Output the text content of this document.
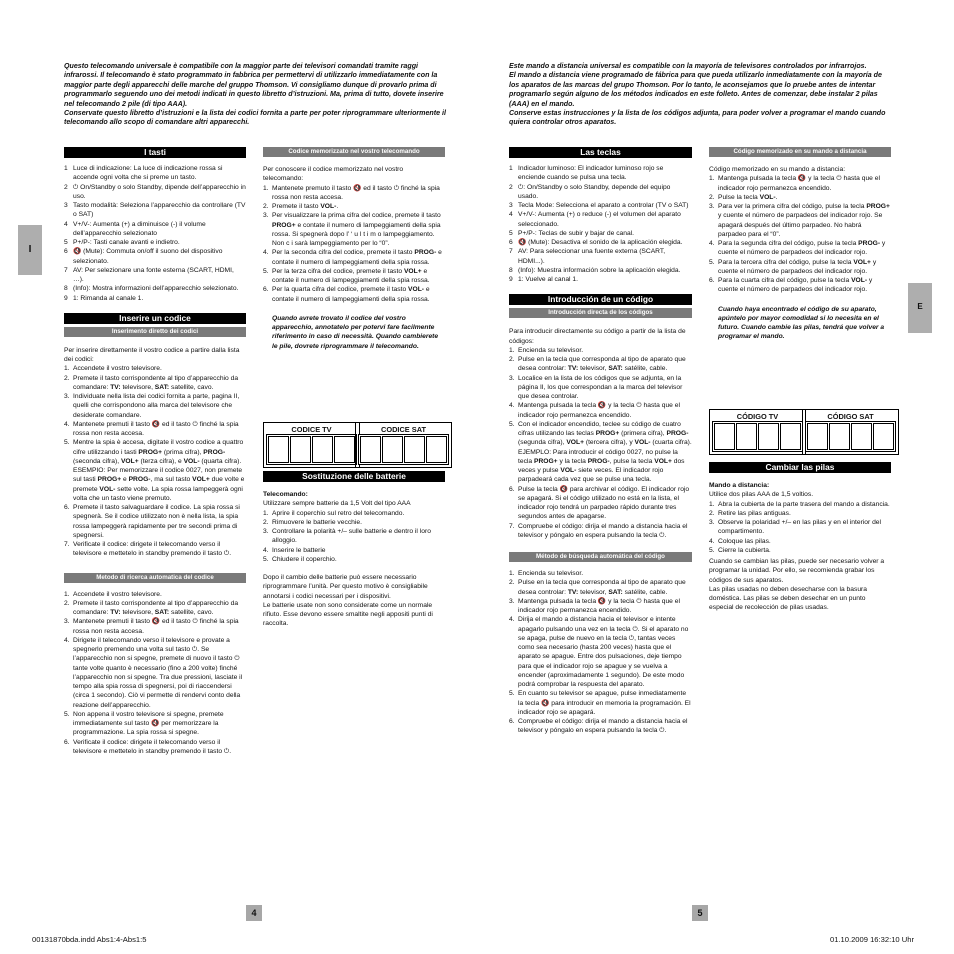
Questo telecomando universale è compatibile con la maggior parte dei televisori comandati tramite raggi infrarossi. Il telecomando è stato programmato in fabbrica per permettervi di utilizzarlo immediatamente con la maggior parte degli apparecchi delle marche del gruppo Thomson. Vi consigliamo dunque di provarlo prima di programmarlo seguendo uno dei metodi indicati in questo libretto d’istruzioni. Ma, prima di tutto, dovete inserire nel telecomando 2 pile (di tipo AAA).
Conservate questo libretto d’istruzioni e la lista dei codici fornita a parte per poter riprogrammare ulteriormente il telecomando allo scopo di comandare altri apparecchi.
I
I tasti
1 Luce di indicazione: La luce di indicazione rossa si accende ogni volta che si preme un tasto.
2 ⏻ On/Standby o solo Standby, dipende dell’apparecchio in uso.
3 Tasto modalità: Seleziona l’apparecchio da controllare (TV o SAT)
4 V+/V-: Aumenta (+) a diminuisce (-) il volume dell’apparecchio selezionato
5 P+/P-: Tasti canale avanti e indietro.
6 🔇 (Mute): Commuta on/off il suono del dispositivo selezionato.
7 AV: Per selezionare una fonte esterna (SCART, HDMI, …).
8 (Info): Mostra informazioni dell’apparecchio selezionato.
9 1: Rimanda al canale 1.
Inserire un codice
Inserimento diretto dei codici

Per inserire direttamente il vostro codice a partire dalla lista dei codici:

1. Accendete il vostro televisore.
2. Premete il tasto corrispondente al tipo d’apparecchio da comandare: TV: televisore, SAT: satellite, cavo.
3. Individuate nella lista dei codici fornita a parte, pagina II, quelli che corrispondono alla marca del televisore che desiderate comandare.
4. Mantenete premuti il tasto 🔇 ed il tasto ⏻ finché la spia rossa non resta accesa.
5. Mentre la spia è accesa, digitate il vostro codice a quattro cifre utilizzando i tasti PROG+ (prima cifra), PROG- (seconda cifra), VOL+ (terza cifra), e VOL- (quarta cifra). ESEMPIO: Per memorizzare il codice 0027, non premete sul tasti PROG+ e PROG-, ma sul tasto VOL+ due volte e premete VOL- sette volte. La spia rossa lampeggerà ogni volta che un tasto viene premuto.
6. Premete il tasto salvaguardare il codice. La spia rossa si spegnerà. Se il codice utilizzato non è nella lista, la spia rossa lampeggerà rapidamente per tre secondi prima di spegnersi.
7. Verificate il codice: dirigete il telecomando verso il televisore e mettetelo in standby premendo il tasto ⏻.
Metodo di ricerca automatica del codice
1. Accendete il vostro televisore.
2. Premete il tasto corrispondente al tipo d’apparecchio da comandare: TV: televisore, SAT: satellite, cavo.
3. Mantenete premuti il tasto 🔇 ed il tasto ⏻ finché la spia rossa non resta accesa.
4. Dirigete il telecomando verso il televisore e provate a spegnerlo premendo una volta sul tasto ⏻. Se l’apparecchio non si spegne, premete di nuovo il tasto ⏻ tante volte quanto è necessario (fino a 200 volte) finché l’apparecchio non si spegne. Tra due pressioni, lasciate il tempo alla spia rossa di spegnersi, poi di riaccendersi (circa 1 secondo). Ciò vi permette di rendervi conto della reazione dell’apparecchio.
5. Non appena il vostro televisore si spegne, premete immediatamente sul tasto 🔇 per memorizzare la programmazione. La spia rossa si spegne.
6. Verificate il codice: dirigete il telecomando verso il televisore e mettetelo in standby premendo il tasto ⏻.
Codice memorizzato nel vostro telecomando

Per conoscere il codice memorizzato nel vostro telecomando:

1. Mantenete premuto il tasto 🔇 ed il tasto ⏻ finché la spia rossa non resta accesa.
2. Premete il tasto VOL-.
3. Per visualizzare la prima cifra del codice, premete il tasto PROG+ e contate il numero di lampeggiamenti della spia rossa. Si spegnerà dopo l’ ‘ u l t i m o lampeggiamento. Non c i sarà lampeggiamento per lo “0”.
4. Per la seconda cifra del codice, premete il tasto PROG- e contate il numero di lampeggiamenti della spia rossa.
5. Per la terza cifra del codice, premete il tasto VOL+ e contate il numero di lampeggiamenti della spia rossa.
6. Per la quarta cifra del codice, premete il tasto VOL- e contate il numero di lampeggiamenti della spia rossa.

Quando avrete trovato il codice del vostro apparecchio, annotatelo per potervi fare facilmente riferimento in caso di necessità. Quando cambierete le pile, dovrete riprogrammare il telecomando.

CODICE TV	CODICE SAT
Sostituzione delle batterie

Telecomando:

Utilizzare sempre batterie da 1,5 Volt del tipo AAA

1. Aprire il coperchio sul retro del telecomando.
2. Rimuovere le batterie vecchie.
3. Controllare la polarità +/– sulle batterie e dentro il loro alloggio.
4. Inserire le batterie
5. Chiudere il coperchio.

Dopo il cambio delle batterie può essere necessario riprogrammare l’unità. Per questo motivo è consigliabile annotarsi i codici necessari per i dispositivi.
Le batterie usate non sono considerate come un normale rifiuto. Esse devono essere smaltite negli appositi punti di raccolta.

4
Este mando a distancia universal es compatible con la mayoría de televisores controlados por infrarrojos.
El mando a distancia viene programado de fábrica para que pueda utilizarlo inmediatamente con la mayoría de los aparatos de las marcas del grupo Thomson. Por lo tanto, le aconsejamos que lo pruebe antes de intentar programarlo según alguno de los métodos indicados en este folleto. Antes de comenzar, debe instalar 2 pilas (AAA) en el mando.
Conserve estas instrucciones y la lista de los códigos adjunta, para poder volver a programar el mando cuando quiera controlar otros aparatos.
E
Las teclas
1 Indicador luminoso: El indicador luminoso rojo se enciende cuando se pulsa una tecla.
2 ⏻: On/Standby o solo Standby, depende del equipo usado.
3 Tecla Mode: Selecciona el aparato a controlar (TV o SAT)
4 V+/V-: Aumenta (+) o reduce (-) el volumen del aparato seleccionado.
5 P+/P-: Teclas de subir y bajar de canal.
6 🔇 (Mute): Desactiva el sonido de la aplicación elegida.
7 AV: Para seleccionar una fuente externa (SCART, HDMI...).
8 (Info): Muestra información sobre la aplicación elegida.
9 1: Vuelve al canal 1.
Introducción de un código
Introducción directa de los códigos

Para introducir directamente su código a partir de la lista de códigos:

1. Encienda su televisor.
2. Pulse en la tecla que corresponda al tipo de aparato que desea controlar: TV: televisor, SAT: satélite, cable.
3. Localice en la lista de los códigos que se adjunta, en la página II, los que correspondan a la marca del televisor que desea controlar.
4. Mantenga pulsada la tecla 🔇 y la tecla ⏻ hasta que el indicador rojo permanezca encendido.
5. Con el indicador encendido, teclee su código de cuatro cifras utilizando las teclas PROG+ (primera cifra), PROG- (segunda cifra), VOL+ (tercera cifra), y VOL- (cuarta cifra). EJEMPLO: Para introducir el código 0027, no pulse la tecla PROG+ y la tecla PROG-, pulse la tecla VOL+ dos veces y pulse VOL- siete veces. El indicador rojo parpadeará cada vez que se pulse una tecla.
6. Pulse la tecla 🔇 para archivar el código. El indicador rojo se apagará. Si el código utilizado no está en la lista, el indicador rojo tendrá un parpadeo rápido durante tres segundos antes de apagarse.
7. Compruebe el código: dirija el mando a distancia hacia el televisor y póngalo en espera pulsando la tecla ⏻.
Método de búsqueda automática del código
1. Encienda su televisor.
2. Pulse en la tecla que corresponda al tipo de aparato que desea controlar: TV: televisor, SAT: satélite, cable.
3. Mantenga pulsada la tecla 🔇 y la tecla ⏻ hasta que el indicador rojo permanezca encendido.
4. Dirija el mando a distancia hacia el televisor e intente apagarlo pulsando una vez en la tecla ⏻. Si el aparato no se apaga, pulse de nuevo en la tecla ⏻, tantas veces como sea necesario (hasta 200 veces) hasta que el aparato se apague. Entre dos pulsaciones, deje tiempo para que el indicador rojo se apague y se vuelva a encender (aproximadamente 1 segundo). De este modo podrá comprobar la respuesta del aparato.
5. En cuanto su televisor se apague, pulse inmediatamente la tecla 🔇 para introducir en memoria la programación. El indicador rojo se apagará.
6. Compruebe el código: dirija el mando a distancia hacia el televisor y póngalo en espera pulsando la tecla ⏻.
Código memorizado en su mando a distancia

Código memorizado en su mando a distancia:

1. Mantenga pulsada la tecla 🔇 y la tecla ⏻ hasta que el indicador rojo permanezca encendido.
2. Pulse la tecla VOL-.
3. Para ver la primera cifra del código, pulse la tecla PROG+ y cuente el número de parpadeos del indicador rojo. Se apagará después del último parpadeo. No habrá parpadeo para el “0”.
4. Para la segunda cifra del código, pulse la tecla PROG- y cuente el número de parpadeos del indicador rojo.
5. Para la tercera cifra del código, pulse la tecla VOL+ y cuente el número de parpadeos del indicador rojo.
6. Para la cuarta cifra del código, pulse la tecla VOL- y cuente el número de parpadeos del indicador rojo.

Cuando haya encontrado el código de su aparato, apúntelo por mayor comodidad si lo necesita en el futuro. Cuando cambie las pilas, tendrá que volver a programar el mando.

CÓDIGO TV	CÓDIGO SAT
Cambiar las pilas

Mando a distancia:

Utilice dos pilas AAA de 1,5 voltios.

1. Abra la cubierta de la parte trasera del mando a distancia.
2. Retire las pilas antiguas.
3. Observe la polaridad +/– en las pilas y en el interior del compartimento.
4. Coloque las pilas.
5. Cierre la cubierta.

Cuando se cambian las pilas, puede ser necesario volver a programar la unidad. Por ello, se recomienda grabar los códigos de sus aparatos.
Las pilas usadas no deben desecharse con la basura doméstica. Las pilas se deben desechar en un punto especial de recolección de pilas usadas.

5
00131870bda.indd Abs1:4-Abs1:5	01.10.2009 16:32:10 Uhr
